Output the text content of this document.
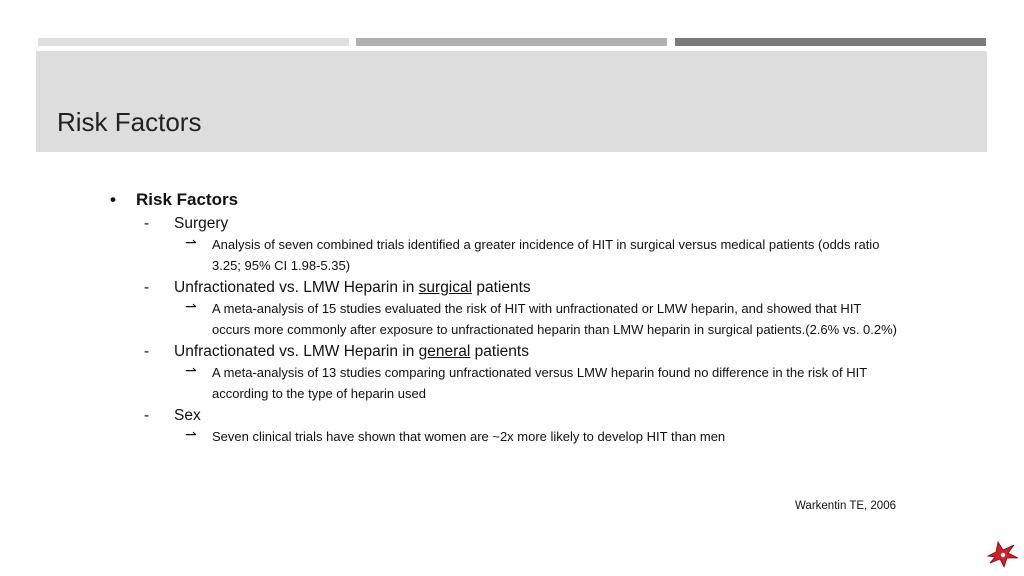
Risk Factors
• Risk Factors
- Surgery
⇀ Analysis of seven combined trials identified a greater incidence of HIT in surgical versus medical patients (odds ratio 3.25; 95% CI 1.98-5.35)
- Unfractionated vs. LMW Heparin in surgical patients
⇀ A meta-analysis of 15 studies evaluated the risk of HIT with unfractionated or LMW heparin, and showed that HIT occurs more commonly after exposure to unfractionated heparin than LMW heparin in surgical patients.(2.6% vs. 0.2%)
- Unfractionated vs. LMW Heparin in general patients
⇀ A meta-analysis of 13 studies comparing unfractionated versus LMW heparin found no difference in the risk of HIT according to the type of heparin used
- Sex
⇀ Seven clinical trials have shown that women are ~2x more likely to develop HIT than men
Warkentin TE, 2006
